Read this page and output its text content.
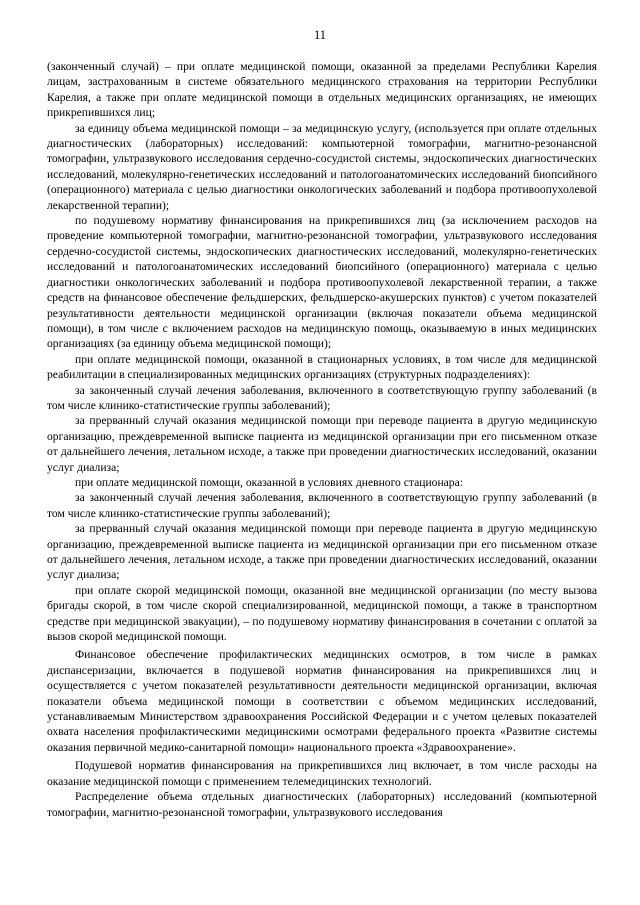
11

(законченный случай) – при оплате медицинской помощи, оказанной за пределами Республики Карелия лицам, застрахованным в системе обязательного медицинского страхования на территории Республики Карелия, а также при оплате медицинской помощи в отдельных медицинских организациях, не имеющих прикрепившихся лиц;

за единицу объема медицинской помощи – за медицинскую услугу, (используется при оплате отдельных диагностических (лабораторных) исследований: компьютерной томографии, магнитно-резонансной томографии, ультразвукового исследования сердечно-сосудистой системы, эндоскопических диагностических исследований, молекулярно-генетических исследований и патологоанатомических исследований биопсийного (операционного) материала с целью диагностики онкологических заболеваний и подбора противоопухолевой лекарственной терапии);

по подушевому нормативу финансирования на прикрепившихся лиц (за исключением расходов на проведение компьютерной томографии, магнитно-резонансной томографии, ультразвукового исследования сердечно-сосудистой системы, эндоскопических диагностических исследований, молекулярно-генетических исследований и патологоанатомических исследований биопсийного (операционного) материала с целью диагностики онкологических заболеваний и подбора противоопухолевой лекарственной терапии, а также средств на финансовое обеспечение фельдшерских, фельдшерско-акушерских пунктов) с учетом показателей результативности деятельности медицинской организации (включая показатели объема медицинской помощи), в том числе с включением расходов на медицинскую помощь, оказываемую в иных медицинских организациях (за единицу объема медицинской помощи);

при оплате медицинской помощи, оказанной в стационарных условиях, в том числе для медицинской реабилитации в специализированных медицинских организациях (структурных подразделениях):

за законченный случай лечения заболевания, включенного в соответствующую группу заболеваний (в том числе клинико-статистические группы заболеваний);

за прерванный случай оказания медицинской помощи при переводе пациента в другую медицинскую организацию, преждевременной выписке пациента из медицинской организации при его письменном отказе от дальнейшего лечения, летальном исходе, а также при проведении диагностических исследований, оказании услуг диализа;

при оплате медицинской помощи, оказанной в условиях дневного стационара:

за законченный случай лечения заболевания, включенного в соответствующую группу заболеваний (в том числе клинико-статистические группы заболеваний);

за прерванный случай оказания медицинской помощи при переводе пациента в другую медицинскую организацию, преждевременной выписке пациента из медицинской организации при его письменном отказе от дальнейшего лечения, летальном исходе, а также при проведении диагностических исследований, оказании услуг диализа;

при оплате скорой медицинской помощи, оказанной вне медицинской организации (по месту вызова бригады скорой, в том числе скорой специализированной, медицинской помощи, а также в транспортном средстве при медицинской эвакуации), – по подушевому нормативу финансирования в сочетании с оплатой за вызов скорой медицинской помощи.

Финансовое обеспечение профилактических медицинских осмотров, в том числе в рамках диспансеризации, включается в подушевой норматив финансирования на прикрепившихся лиц и осуществляется с учетом показателей результативности деятельности медицинской организации, включая показатели объема медицинской помощи в соответствии с объемом медицинских исследований, устанавливаемым Министерством здравоохранения Российской Федерации и с учетом целевых показателей охвата населения профилактическими медицинскими осмотрами федерального проекта «Развитие системы оказания первичной медико-санитарной помощи» национального проекта «Здравоохранение».

Подушевой норматив финансирования на прикрепившихся лиц включает, в том числе расходы на оказание медицинской помощи с применением телемедицинских технологий.

Распределение объема отдельных диагностических (лабораторных) исследований (компьютерной томографии, магнитно-резонансной томографии, ультразвукового исследования
